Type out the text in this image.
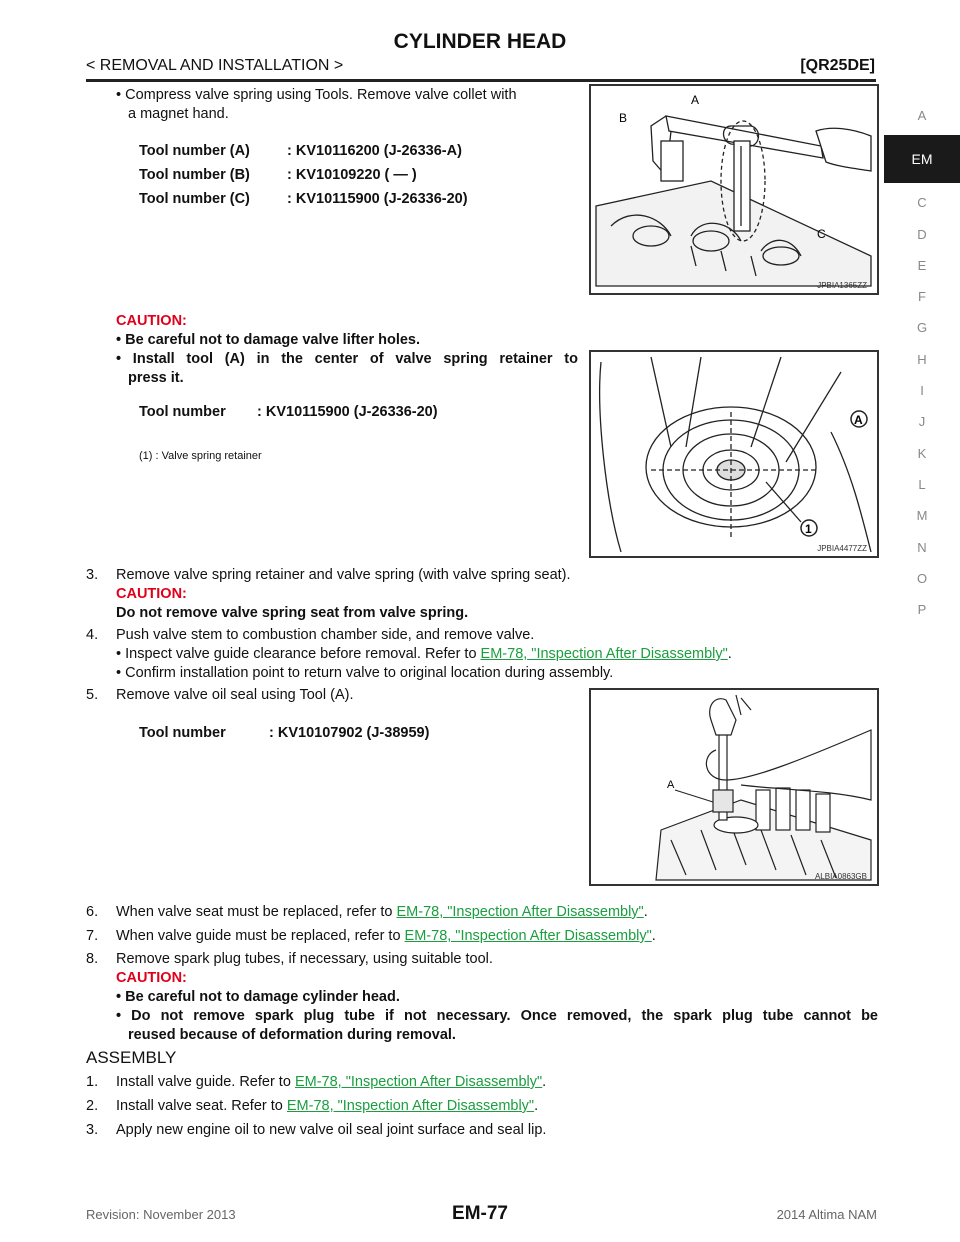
CYLINDER HEAD
< REMOVAL AND INSTALLATION >	[QR25DE]
A
EM
C
D
E
F
G
H
I
J
K
L
M
N
O
P
• Compress valve spring using Tools. Remove valve collet with
a magnet hand.
Tool number (A)	: KV10116200 (J-26336-A)
Tool number (B)	: KV10109220 ( — )
Tool number (C)	: KV10115900 (J-26336-20)
A
B
C
JPBIA1365ZZ
CAUTION:
• Be careful not to damage valve lifter holes.
• Install tool (A) in the center of valve spring retainer to
press it.
Tool number : KV10115900 (J-26336-20)
(1) : Valve spring retainer
A
1
JPBIA4477ZZ
3. Remove valve spring retainer and valve spring (with valve spring seat).
CAUTION:
Do not remove valve spring seat from valve spring.
4. Push valve stem to combustion chamber side, and remove valve.
• Inspect valve guide clearance before removal. Refer to EM-78, "Inspection After Disassembly".
• Confirm installation point to return valve to original location during assembly.
5. Remove valve oil seal using Tool (A).
Tool number	: KV10107902 (J-38959)
A
ALBIA0863GB
6. When valve seat must be replaced, refer to EM-78, "Inspection After Disassembly".
7. When valve guide must be replaced, refer to EM-78, "Inspection After Disassembly".
8. Remove spark plug tubes, if necessary, using suitable tool.
CAUTION:
• Be careful not to damage cylinder head.
• Do not remove spark plug tube if not necessary. Once removed, the spark plug tube cannot be
reused because of deformation during removal.
ASSEMBLY
1. Install valve guide. Refer to EM-78, "Inspection After Disassembly".
2. Install valve seat. Refer to EM-78, "Inspection After Disassembly".
3. Apply new engine oil to new valve oil seal joint surface and seal lip.
Revision: November 2013	EM-77	2014 Altima NAM
